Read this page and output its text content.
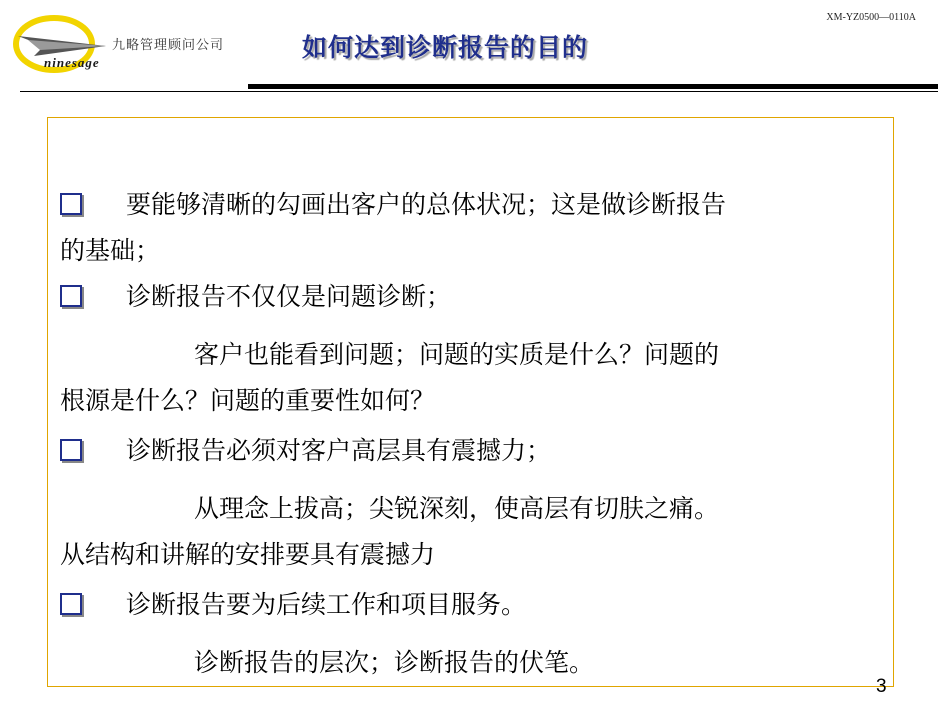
九略管理顾问公司
ninesage
XM-YZ0500—0110A
如何达到诊断报告的目的
要能够清晰的勾画出客户的总体状况；这是做诊断报告
的基础；
诊断报告不仅仅是问题诊断；
客户也能看到问题；问题的实质是什么？问题的
根源是什么？问题的重要性如何？
诊断报告必须对客户高层具有震撼力；
从理念上拔高；尖锐深刻，使高层有切肤之痛。
从结构和讲解的安排要具有震撼力
诊断报告要为后续工作和项目服务。
诊断报告的层次；诊断报告的伏笔。
3
